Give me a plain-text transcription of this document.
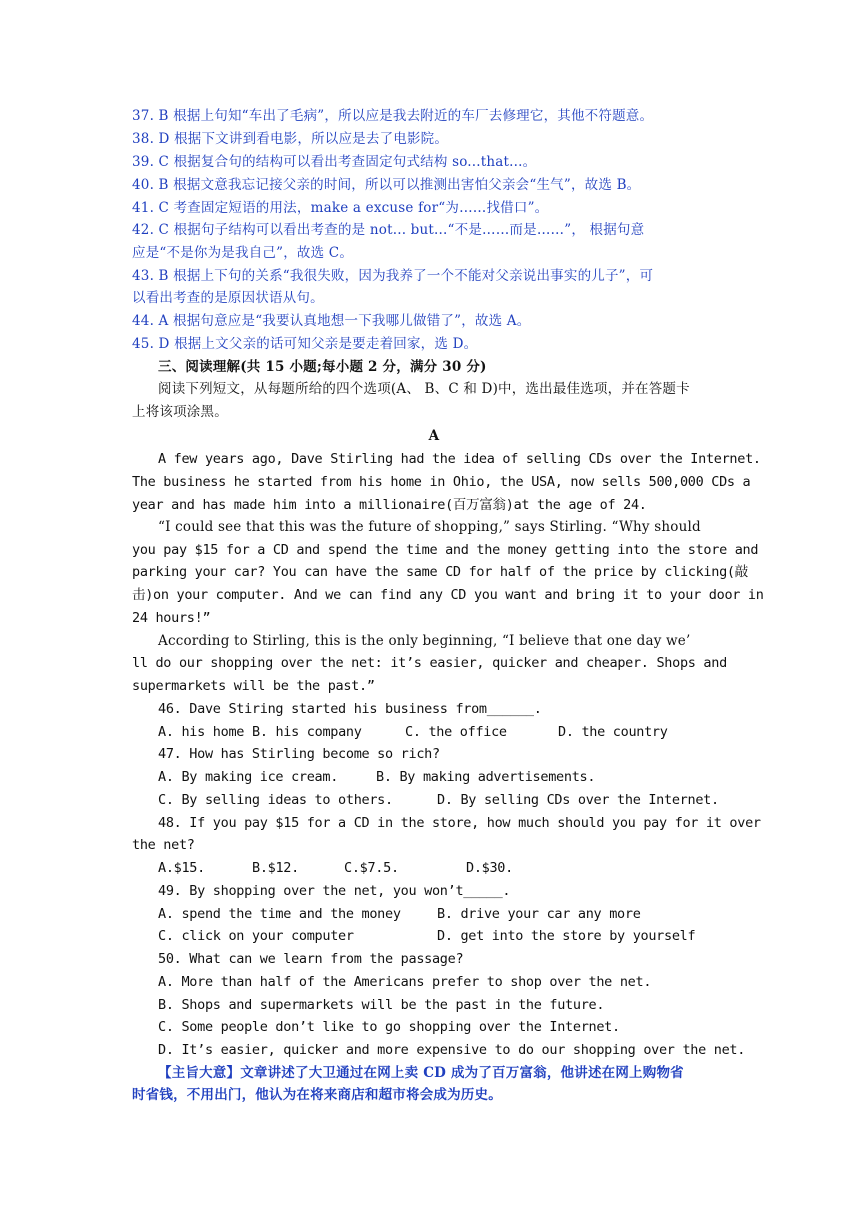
37. B 根据上句知“车出了毛病”，所以应是我去附近的车厂去修理它，其他不符题意。
38. D 根据下文讲到看电影，所以应是去了电影院。
39. C 根据复合句的结构可以看出考查固定句式结构 so...that...。
40. B 根据文意我忘记接父亲的时间，所以可以推测出害怕父亲会“生气”，故选 B。
41. C 考查固定短语的用法，make a excuse for“为……找借口”。
42. C 根据句子结构可以看出考查的是 not... but...“不是……而是……”， 根据句意
应是“不是你为是我自己”，故选 C。
43. B 根据上下句的关系“我很失败，因为我养了一个不能对父亲说出事实的儿子”，可
以看出考查的是原因状语从句。
44. A 根据句意应是“我要认真地想一下我哪儿做错了”，故选 A。
45. D 根据上文父亲的话可知父亲是要走着回家，选 D。
三、阅读理解(共 15 小题;每小题 2 分，满分 30 分)
阅读下列短文，从每题所给的四个选项(A、 B、C 和 D)中，选出最佳选项，并在答题卡
上将该项涂黑。
A
A few years ago, Dave Stirling had the idea of selling CDs over the Internet.
The business he started from his home in Ohio, the USA, now sells 500,000 CDs a
year and has made him into a millionaire(百万富翁)at the age of 24.
“I could see that this was the future of shopping,” says Stirling. “Why should
you pay $15 for a CD and spend the time and the money getting into the store and
parking your car? You can have the same CD for half of the price by clicking(敲
击)on your computer. And we can find any CD you want and bring it to your door in
24 hours!”
According to Stirling, this is the only beginning, “I believe that one day we’
ll do our shopping over the net: it’s easier, quicker and cheaper. Shops and
supermarkets will be the past.”
46. Dave Stiring started his business from______.
A. his home B. his company	C. the office	D. the country
47. How has Stirling become so rich?
A. By making ice cream.	B. By making advertisements.
C. By selling ideas to others.	D. By selling CDs over the Internet.
48. If you pay $15 for a CD in the store, how much should you pay for it over
the net?
A.$15.	B.$12.	C.$7.5.	D.$30.
49. By shopping over the net, you won’t_____.
A. spend the time and the money	B. drive your car any more
C. click on your computer	D. get into the store by yourself
50. What can we learn from the passage?
A. More than half of the Americans prefer to shop over the net.
B. Shops and supermarkets will be the past in the future.
C. Some people don’t like to go shopping over the Internet.
D. It’s easier, quicker and more expensive to do our shopping over the net.
【主旨大意】文章讲述了大卫通过在网上卖 CD 成为了百万富翁，他讲述在网上购物省
时省钱，不用出门，他认为在将来商店和超市将会成为历史。
